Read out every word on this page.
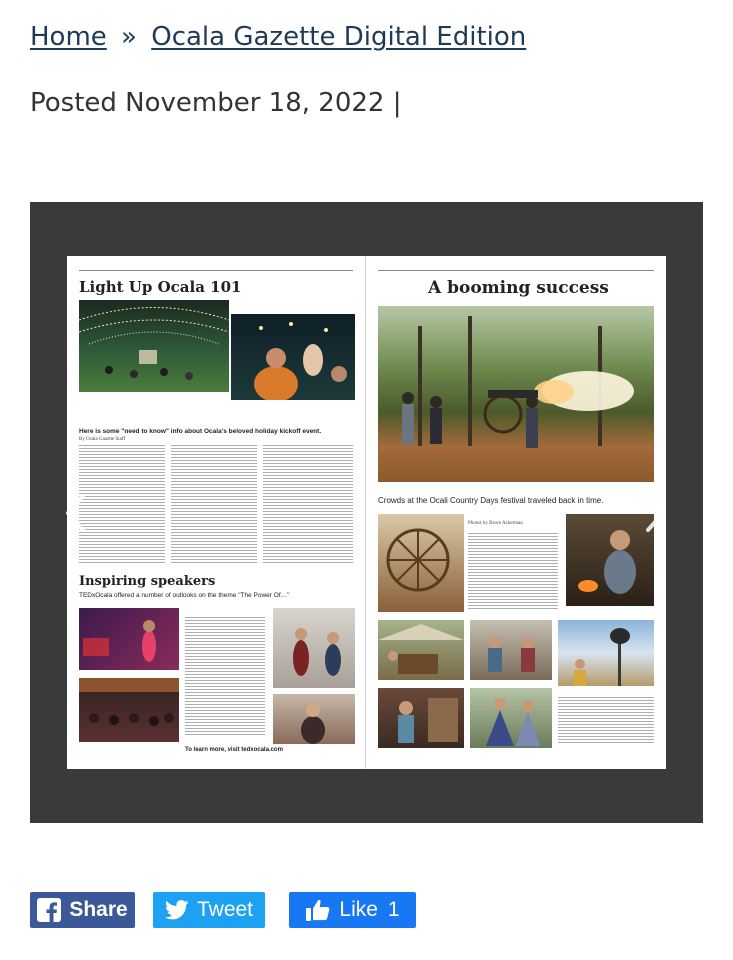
Home » Ocala Gazette Digital Edition
Posted November 18, 2022 |
Light Up Ocala 101
Here is some "need to know" info about Ocala's beloved holiday kickoff event.
By Ocala Gazette Staff
Inspiring speakers
TEDxOcala offered a number of outlooks on the theme "The Power Of…"
To learn more, visit tedxocala.com
A booming success
Crowds at the Ocali Country Days festival traveled back in time.
Photos by Bruce Ackerman
Share	Tweet	Like 1
